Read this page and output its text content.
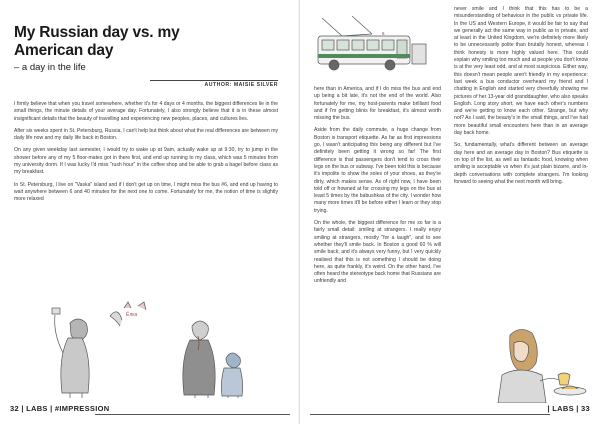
My Russian day vs. my American day
– a day in the life
AUTHOR: MAISIE SILVER

I firmly believe that when you travel somewhere, whether it's for 4 days or 4 months, the biggest differences lie in the small things, the minute details of your average day. Fortunately, I also strongly believe that it is in these almost insignificant details that the beauty of travelling and experiencing new peoples, places, and cultures lies.

After six weeks spent in St. Petersburg, Russia, I can't help but think about what the real differences are between my daily life now and my daily life back in Boston.

On any given weekday last semester, I would try to wake up at 9am, actually wake up at 9:30, try to jump in the shower before any of my 5 floor-mates got in there first, and end up running to my class, which was 5 minutes from my university dorm. If I was lucky I'd miss "rush hour" in the coffee shop and be able to grab a bagel before class as my breakfast.

In St. Petersburg, I live on "Vaska" island and if I don't get up on time, I might miss the bus #6, and end up having to wait anywhere between 6 and 40 minutes for the next one to come. Fortunately for me, the notion of time is slightly more relaxed

Ёлка
32 | LABS | #IMPRESSION
6

here than in America, and if I do miss the bus and end up being a bit late, it's not the end of the world. Also fortunately for me, my host-parents make brilliant food and if I'm getting blinis for breakfast, it's almost worth missing the bus.

Aside from the daily commute, a huge change from Boston is transport etiquette. As far as first impressions go, I wasn't anticipating this being any different but I've definitely been getting it wrong so far! The first difference is that passengers don't tend to cross their legs on the bus or subway. I've been told this is because it's impolite to show the soles of your shoes, as they're dirty, which makes sense. As of right now, I have been told off or frowned at for crossing my legs on the bus at least 5 times by the babushkas of the city. I wonder how many more times it'll be before either I learn or they stop trying.

On the whole, the biggest difference for me so far is a fairly small detail: smiling at strangers. I really enjoy smiling at strangers, mostly "for a laugh", and to see whether they'll smile back. In Boston a good 60 % will smile back, and it's always very funny, but I very quickly realised that this is not something I should be doing here, as quite frankly, it's weird. On the other hand, I've often heard the stereotype back home that Russians are unfriendly and

never smile and I think that this has to be a misunderstanding of behaviour in the public vs private life. In the US and Western Europe, it would be fair to say that we generally act the same way in public as in private, and at least in the United Kingdom, we're definitely more likely to be unnecessarily polite than brutally honest, whereas I think honesty is more highly valued here. This could explain why smiling too much and at people you don't know is at the very least odd, and at most suspicious. Either way, this doesn't mean people aren't friendly in my experience: last week a bus conductor overheard my friend and I chatting in English and started very cheerfully showing me pictures of her 13-year old granddaughter, who also speaks English. Long story short, we have each other's numbers and we're getting to know each other. Strange, but why not? As I said, the beauty's in the small things, and I've had more beautiful small encounters here than in an average day back home.

So, fundamentally, what's different between an average day here and an average day in Boston? Bus etiquette is on top of the list, as well as fantastic food, knowing when smiling is acceptable vs when it's just plain bizarre, and in-depth conversations with complete strangers. I'm looking forward to seeing what the next month will bring.

| LABS | 33
